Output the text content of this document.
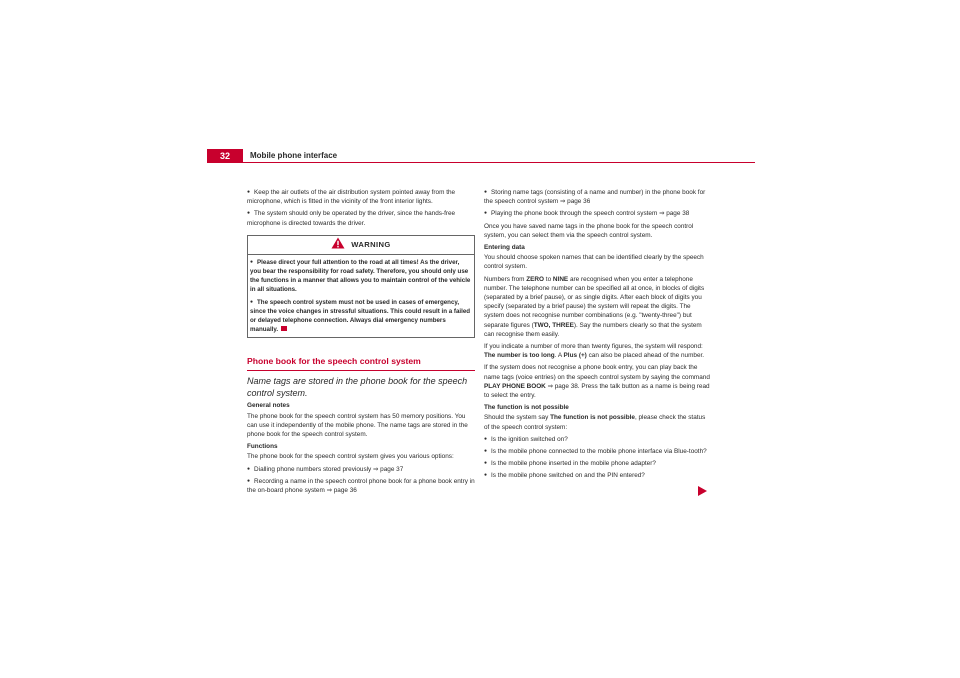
32	Mobile phone interface

● Keep the air outlets of the air distribution system pointed away from the microphone, which is fitted in the vicinity of the front interior lights.

● The system should only be operated by the driver, since the hands-free microphone is directed towards the driver.

WARNING

● Please direct your full attention to the road at all times! As the driver, you bear the responsibility for road safety. Therefore, you should only use the functions in a manner that allows you to maintain control of the vehicle in all situations.

● The speech control system must not be used in cases of emergency, since the voice changes in stressful situations. This could result in a failed or delayed telephone connection. Always dial emergency numbers manually.

Phone book for the speech control system
Name tags are stored in the phone book for the speech control system.
General notes

The phone book for the speech control system has 50 memory positions. You can use it independently of the mobile phone. The name tags are stored in the phone book for the speech control system.

Functions

The phone book for the speech control system gives you various options:

● Dialling phone numbers stored previously ⇒ page 37

● Recording a name in the speech control phone book for a phone book entry in the on-board phone system ⇒ page 36

● Storing name tags (consisting of a name and number) in the phone book for the speech control system ⇒ page 36

● Playing the phone book through the speech control system ⇒ page 38

Once you have saved name tags in the phone book for the speech control system, you can select them via the speech control system.

Entering data

You should choose spoken names that can be identified clearly by the speech control system.

Numbers from ZERO to NINE are recognised when you enter a telephone number. The telephone number can be specified all at once, in blocks of digits (separated by a brief pause), or as single digits. After each block of digits you specify (separated by a brief pause) the system will repeat the digits. The system does not recognise number combinations (e.g. "twenty-three") but separate figures (TWO, THREE). Say the numbers clearly so that the system can recognise them easily.

If you indicate a number of more than twenty figures, the system will respond: The number is too long. A Plus (+) can also be placed ahead of the number.

If the system does not recognise a phone book entry, you can play back the name tags (voice entries) on the speech control system by saying the command PLAY PHONE BOOK ⇒ page 38. Press the talk button as a name is being read to select the entry.

The function is not possible

Should the system say The function is not possible, please check the status of the speech control system:

● Is the ignition switched on?

● Is the mobile phone connected to the mobile phone interface via Blue-tooth?

● Is the mobile phone inserted in the mobile phone adapter?

● Is the mobile phone switched on and the PIN entered?
